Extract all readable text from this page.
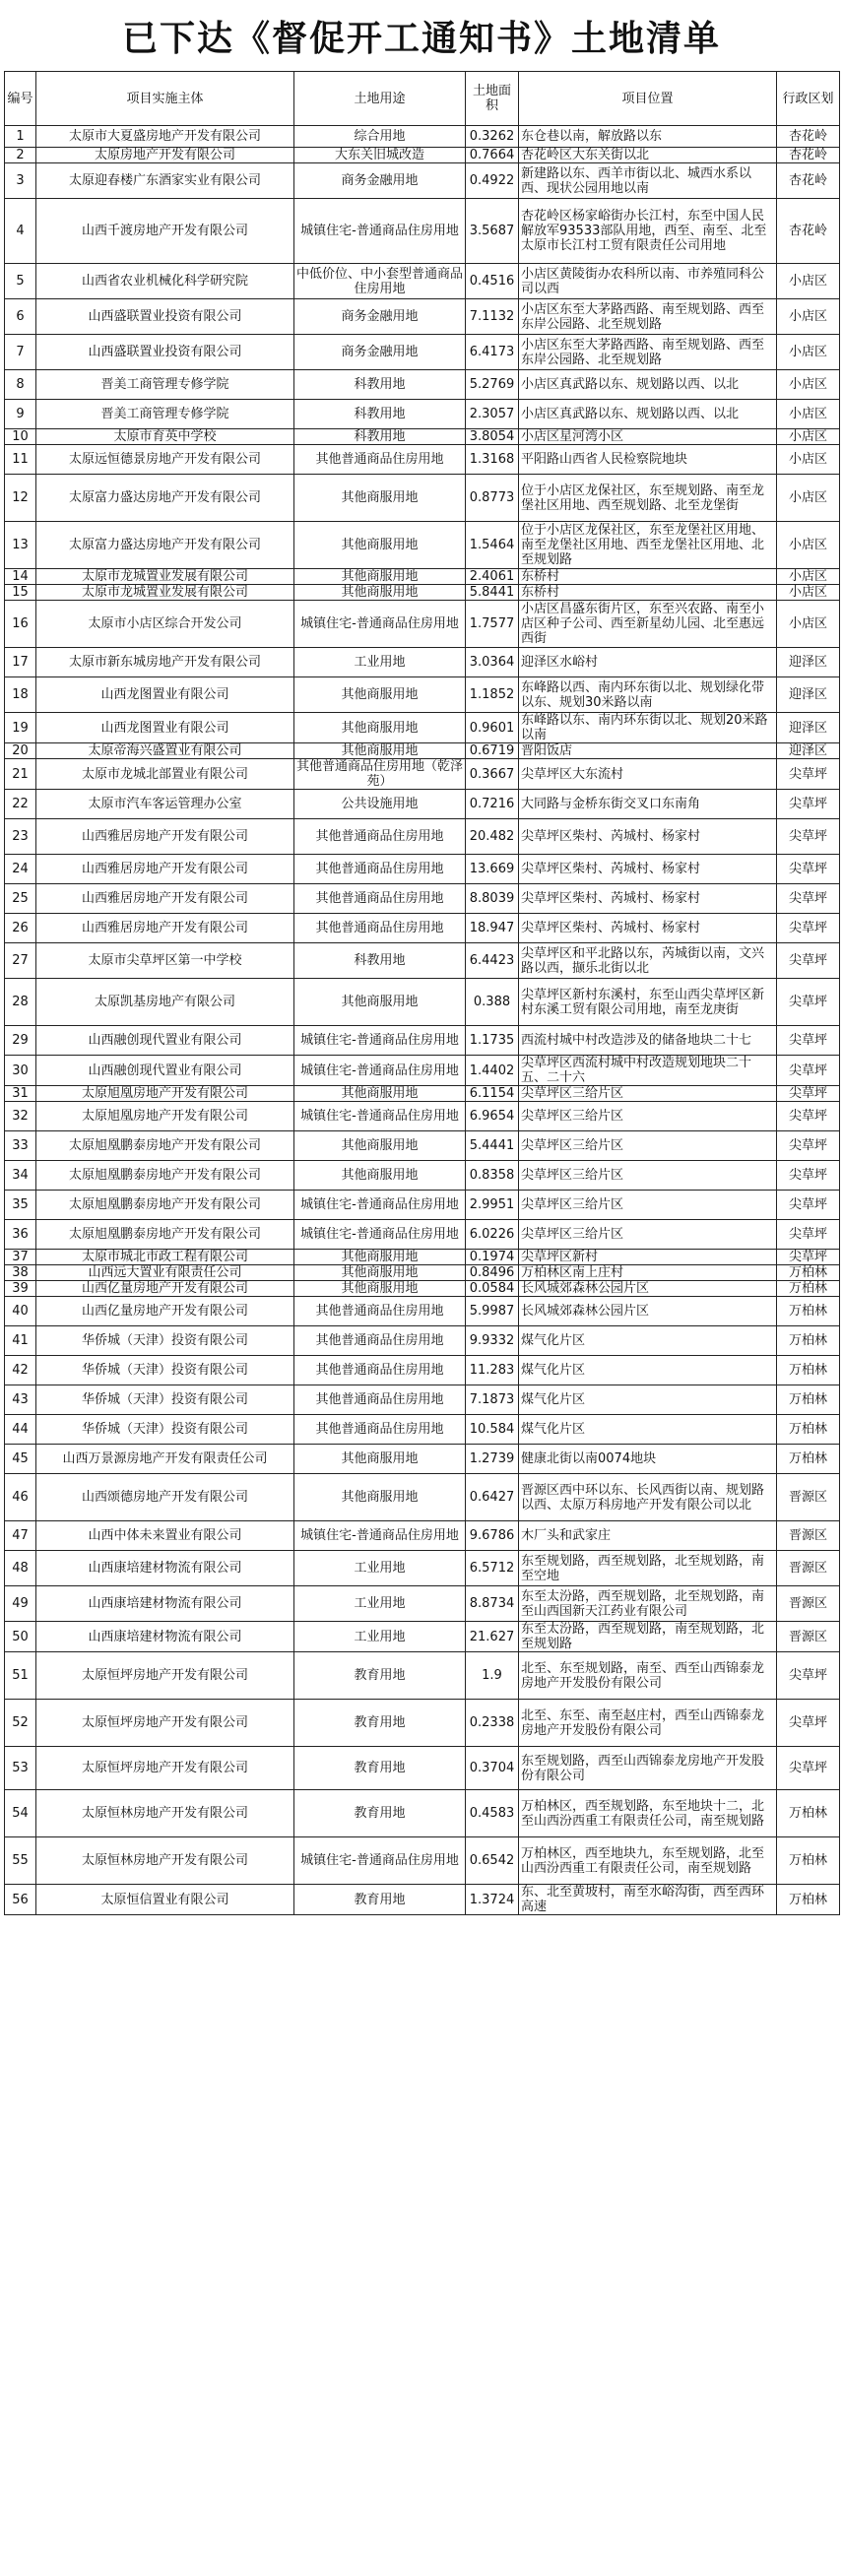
已下达《督促开工通知书》土地清单
编号	项目实施主体	土地用途	土地面积	项目位置	行政区划
1	太原市大夏盛房地产开发有限公司	综合用地	0.3262	东仓巷以南，解放路以东	杏花岭
2	太原房地产开发有限公司	大东关旧城改造	0.7664	杏花岭区大东关街以北	杏花岭
3	太原迎春楼广东酒家实业有限公司	商务金融用地	0.4922	新建路以东、西羊市街以北、城西水系以西、现状公园用地以南	杏花岭
4	山西千渡房地产开发有限公司	城镇住宅-普通商品住房用地	3.5687	杏花岭区杨家峪街办长江村，东至中国人民解放军93533部队用地，西至、南至、北至太原市长江村工贸有限责任公司用地	杏花岭
5	山西省农业机械化科学研究院	中低价位、中小套型普通商品住房用地	0.4516	小店区黄陵街办农科所以南、市养殖同科公司以西	小店区
6	山西盛联置业投资有限公司	商务金融用地	7.1132	小店区东至大茅路西路、南至规划路、西至东岸公园路、北至规划路	小店区
7	山西盛联置业投资有限公司	商务金融用地	6.4173	小店区东至大茅路西路、南至规划路、西至东岸公园路、北至规划路	小店区
8	晋美工商管理专修学院	科教用地	5.2769	小店区真武路以东、规划路以西、以北	小店区
9	晋美工商管理专修学院	科教用地	2.3057	小店区真武路以东、规划路以西、以北	小店区
10	太原市育英中学校	科教用地	3.8054	小店区星河湾小区	小店区
11	太原远恒德景房地产开发有限公司	其他普通商品住房用地	1.3168	平阳路山西省人民检察院地块	小店区
12	太原富力盛达房地产开发有限公司	其他商服用地	0.8773	位于小店区龙保社区，东至规划路、南至龙堡社区用地、西至规划路、北至龙堡街	小店区
13	太原富力盛达房地产开发有限公司	其他商服用地	1.5464	位于小店区龙保社区，东至龙堡社区用地、南至龙堡社区用地、西至龙堡社区用地、北至规划路	小店区
14	太原市龙城置业发展有限公司	其他商服用地	2.4061	东桥村	小店区
15	太原市龙城置业发展有限公司	其他商服用地	5.8441	东桥村	小店区
16	太原市小店区综合开发公司	城镇住宅-普通商品住房用地	1.7577	小店区昌盛东街片区，东至兴农路、南至小店区种子公司、西至新星幼儿园、北至惠远西街	小店区
17	太原市新东城房地产开发有限公司	工业用地	3.0364	迎泽区水峪村	迎泽区
18	山西龙图置业有限公司	其他商服用地	1.1852	东峰路以西、南内环东街以北、规划绿化带以东、规划30米路以南	迎泽区
19	山西龙图置业有限公司	其他商服用地	0.9601	东峰路以东、南内环东街以北、规划20米路以南	迎泽区
20	太原帝海兴盛置业有限公司	其他商服用地	0.6719	晋阳饭店	迎泽区
21	太原市龙城北部置业有限公司	其他普通商品住房用地（乾泽苑）	0.3667	尖草坪区大东流村	尖草坪
22	太原市汽车客运管理办公室	公共设施用地	0.7216	大同路与金桥东街交叉口东南角	尖草坪
23	山西雅居房地产开发有限公司	其他普通商品住房用地	20.482	尖草坪区柴村、芮城村、杨家村	尖草坪
24	山西雅居房地产开发有限公司	其他普通商品住房用地	13.669	尖草坪区柴村、芮城村、杨家村	尖草坪
25	山西雅居房地产开发有限公司	其他普通商品住房用地	8.8039	尖草坪区柴村、芮城村、杨家村	尖草坪
26	山西雅居房地产开发有限公司	其他普通商品住房用地	18.947	尖草坪区柴村、芮城村、杨家村	尖草坪
27	太原市尖草坪区第一中学校	科教用地	6.4423	尖草坪区和平北路以东，芮城街以南，文兴路以西，撷乐北街以北	尖草坪
28	太原凯基房地产有限公司	其他商服用地	0.388	尖草坪区新村东溪村，东至山西尖草坪区新村东溪工贸有限公司用地，南至龙庚街	尖草坪
29	山西融创现代置业有限公司	城镇住宅-普通商品住房用地	1.1735	西流村城中村改造涉及的储备地块二十七	尖草坪
30	山西融创现代置业有限公司	城镇住宅-普通商品住房用地	1.4402	尖草坪区西流村城中村改造规划地块二十五、二十六	尖草坪
31	太原旭凰房地产开发有限公司	其他商服用地	6.1154	尖草坪区三给片区	尖草坪
32	太原旭凰房地产开发有限公司	城镇住宅-普通商品住房用地	6.9654	尖草坪区三给片区	尖草坪
33	太原旭凰鹏泰房地产开发有限公司	其他商服用地	5.4441	尖草坪区三给片区	尖草坪
34	太原旭凰鹏泰房地产开发有限公司	其他商服用地	0.8358	尖草坪区三给片区	尖草坪
35	太原旭凰鹏泰房地产开发有限公司	城镇住宅-普通商品住房用地	2.9951	尖草坪区三给片区	尖草坪
36	太原旭凰鹏泰房地产开发有限公司	城镇住宅-普通商品住房用地	6.0226	尖草坪区三给片区	尖草坪
37	太原市城北市政工程有限公司	其他商服用地	0.1974	尖草坪区新村	尖草坪
38	山西远大置业有限责任公司	其他商服用地	0.8496	万柏林区南上庄村	万柏林
39	山西亿量房地产开发有限公司	其他商服用地	0.0584	长风城郊森林公园片区	万柏林
40	山西亿量房地产开发有限公司	其他普通商品住房用地	5.9987	长风城郊森林公园片区	万柏林
41	华侨城（天津）投资有限公司	其他普通商品住房用地	9.9332	煤气化片区	万柏林
42	华侨城（天津）投资有限公司	其他普通商品住房用地	11.283	煤气化片区	万柏林
43	华侨城（天津）投资有限公司	其他普通商品住房用地	7.1873	煤气化片区	万柏林
44	华侨城（天津）投资有限公司	其他普通商品住房用地	10.584	煤气化片区	万柏林
45	山西万景源房地产开发有限责任公司	其他商服用地	1.2739	健康北街以南0074地块	万柏林
46	山西颂德房地产开发有限公司	其他商服用地	0.6427	晋源区西中环以东、长风西街以南、规划路以西、太原万科房地产开发有限公司以北	晋源区
47	山西中体未来置业有限公司	城镇住宅-普通商品住房用地	9.6786	木厂头和武家庄	晋源区
48	山西康培建材物流有限公司	工业用地	6.5712	东至规划路，西至规划路，北至规划路，南至空地	晋源区
49	山西康培建材物流有限公司	工业用地	8.8734	东至太汾路，西至规划路，北至规划路，南至山西国新天江药业有限公司	晋源区
50	山西康培建材物流有限公司	工业用地	21.627	东至太汾路，西至规划路，南至规划路，北至规划路	晋源区
51	太原恒坪房地产开发有限公司	教育用地	1.9	北至、东至规划路，南至、西至山西锦泰龙房地产开发股份有限公司	尖草坪
52	太原恒坪房地产开发有限公司	教育用地	0.2338	北至、东至、南至赵庄村，西至山西锦泰龙房地产开发股份有限公司	尖草坪
53	太原恒坪房地产开发有限公司	教育用地	0.3704	东至规划路，西至山西锦泰龙房地产开发股份有限公司	尖草坪
54	太原恒林房地产开发有限公司	教育用地	0.4583	万柏林区，西至规划路，东至地块十二，北至山西汾西重工有限责任公司，南至规划路	万柏林
55	太原恒林房地产开发有限公司	城镇住宅-普通商品住房用地	0.6542	万柏林区，西至地块九，东至规划路，北至山西汾西重工有限责任公司，南至规划路	万柏林
56	太原恒信置业有限公司	教育用地	1.3724	东、北至黄坡村，南至水峪沟街，西至西环高速	万柏林
